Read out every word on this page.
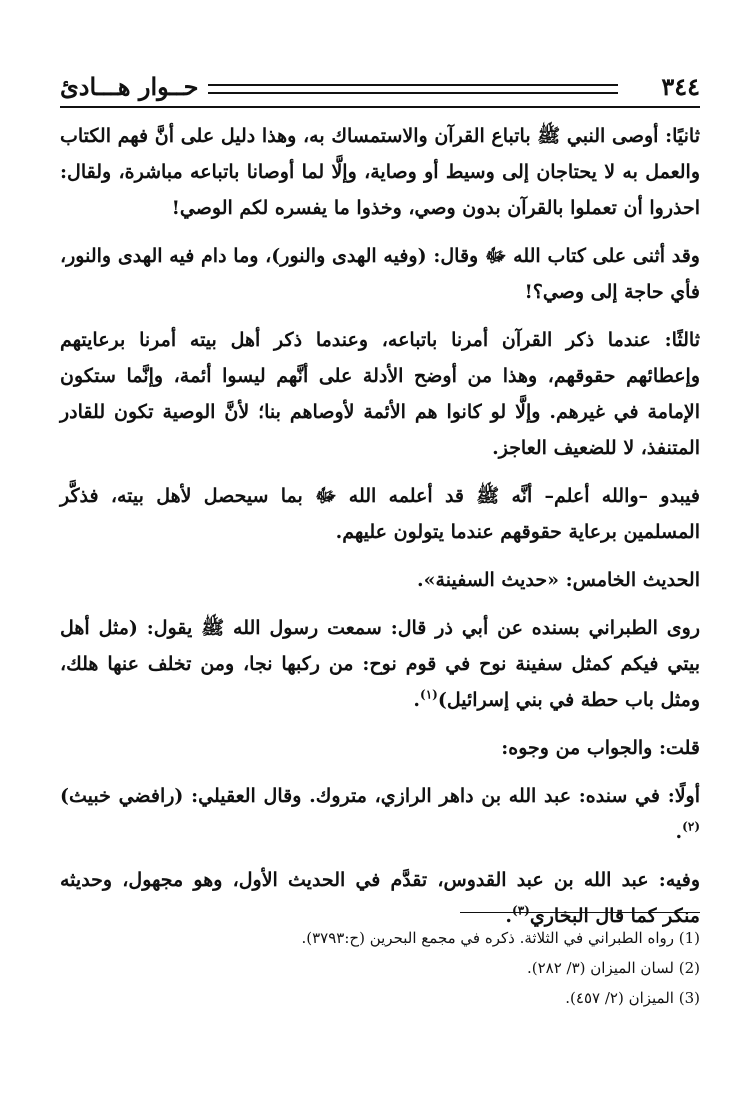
٣٤٤
حــوار هـــادئ

ثانيًا: أوصى النبي ﷺ باتباع القرآن والاستمساك به، وهذا دليل على أنَّ فهم الكتاب والعمل به لا يحتاجان إلى وسيط أو وصاية، وإلَّا لما أوصانا باتباعه مباشرة، ولقال: احذروا أن تعملوا بالقرآن بدون وصي، وخذوا ما يفسره لكم الوصي!

وقد أثنى على كتاب الله ﷻ وقال: (وفيه الهدى والنور)، وما دام فيه الهدى والنور، فأي حاجة إلى وصي؟!

ثالثًا: عندما ذكر القرآن أمرنا باتباعه، وعندما ذكر أهل بيته أمرنا برعايتهم وإعطائهم حقوقهم، وهذا من أوضح الأدلة على أنَّهم ليسوا أئمة، وإنَّما ستكون الإمامة في غيرهم. وإلَّا لو كانوا هم الأئمة لأوصاهم بنا؛ لأنَّ الوصية تكون للقادر المتنفذ، لا للضعيف العاجز.

فيبدو –والله أعلم– أنَّه ﷺ قد أعلمه الله ﷻ بما سيحصل لأهل بيته، فذكَّر المسلمين برعاية حقوقهم عندما يتولون عليهم.

الحديث الخامس: «حديث السفينة».

روى الطبراني بسنده عن أبي ذر قال: سمعت رسول الله ﷺ يقول: (مثل أهل بيتي فيكم كمثل سفينة نوح في قوم نوح: من ركبها نجا، ومن تخلف عنها هلك، ومثل باب حطة في بني إسرائيل)$^{(١)}$.

قلت: والجواب من وجوه:

أولًا: في سنده: عبد الله بن داهر الرازي، متروك. وقال العقيلي: (رافضي خبيث)$^{(٢)}$.

وفيه: عبد الله بن عبد القدوس، تقدَّم في الحديث الأول، وهو مجهول، وحديثه منكر كما قال البخاري$^{(٣)}$.

(1) رواه الطبراني في الثلاثة. ذكره في مجمع البحرين (ح:٣٧٩٣).

(2) لسان الميزان (٣/ ٢٨٢).

(3) الميزان (٢/ ٤٥٧).
